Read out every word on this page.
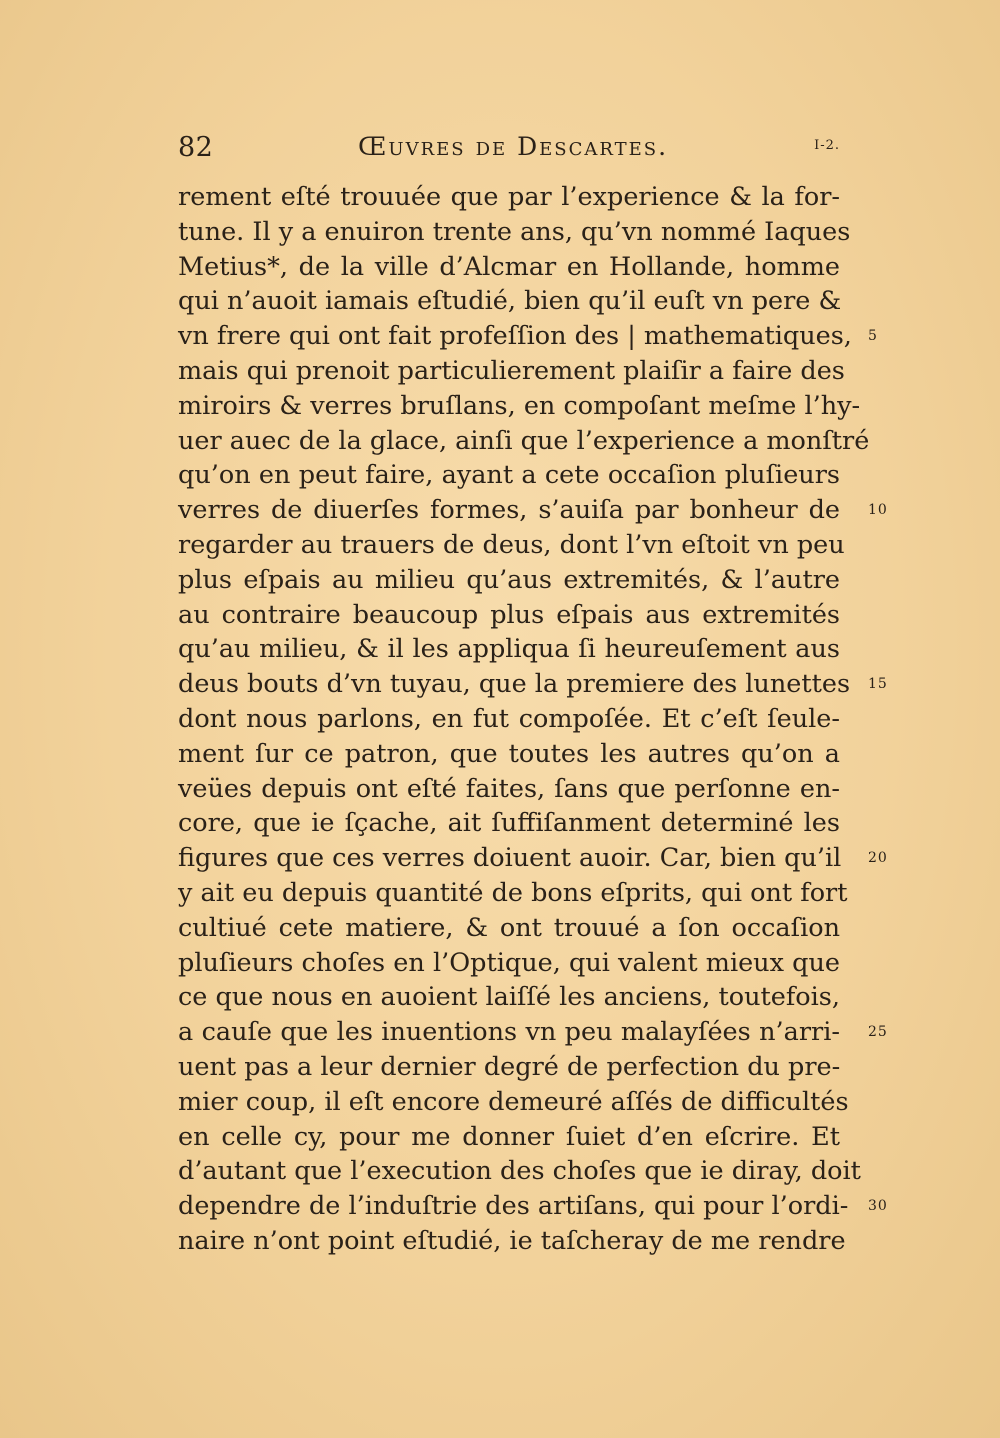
82	Œuvres de Descartes.	I-2.
rement eſté trouuée que par l’experience & la for-
tune. Il y a enuiron trente ans, qu’vn nommé Iaques
Metius*, de la ville d’Alcmar en Hollande, homme
qui n’auoit iamais eſtudié, bien qu’il euſt vn pere &
vn frere qui ont fait profeſſion des | mathematiques, 5
mais qui prenoit particulierement plaiſir a faire des
miroirs & verres bruſlans, en compoſant meſme l’hy-
uer auec de la glace, ainſi que l’experience a monſtré
qu’on en peut faire, ayant a cete occaſion pluſieurs
verres de diuerſes formes, s’auiſa par bonheur de 10
regarder au trauers de deus, dont l’vn eſtoit vn peu
plus eſpais au milieu qu’aus extremités, & l’autre
au contraire beaucoup plus eſpais aus extremités
qu’au milieu, & il les appliqua ſi heureuſement aus
deus bouts d’vn tuyau, que la premiere des lunettes 15
dont nous parlons, en fut compoſée. Et c’eſt ſeule-
ment ſur ce patron, que toutes les autres qu’on a
veües depuis ont eſté faites, ſans que perſonne en-
core, que ie ſçache, ait ſuffiſanment determiné les
figures que ces verres doiuent auoir. Car, bien qu’il 20
y ait eu depuis quantité de bons eſprits, qui ont fort
cultiué cete matiere, & ont trouué a ſon occaſion
pluſieurs choſes en l’Optique, qui valent mieux que
ce que nous en auoient laiſſé les anciens, toutefois,
a cauſe que les inuentions vn peu malayſées n’arri- 25
uent pas a leur dernier degré de perfection du pre-
mier coup, il eſt encore demeuré aſſés de difficultés
en celle cy, pour me donner ſuiet d’en eſcrire. Et
d’autant que l’execution des choſes que ie diray, doit
dependre de l’induſtrie des artiſans, qui pour l’ordi- 30
naire n’ont point eſtudié, ie taſcheray de me rendre
